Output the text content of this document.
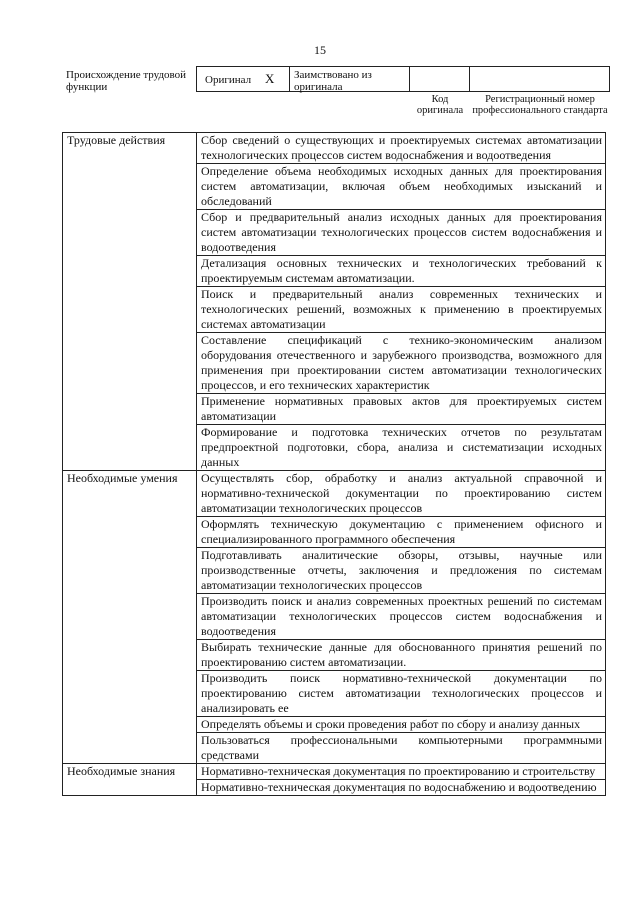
15
Происхождение трудовой функции
Оригинал X Заимствовано из оригинала
Код оригинала
Регистрационный номер профессионального стандарта
Трудовые действия	Сбор сведений о существующих и проектируемых системах автоматизации технологических процессов систем водоснабжения и водоотведения
	Определение объема необходимых исходных данных для проектирования систем автоматизации, включая объем необходимых изысканий и обследований
	Сбор и предварительный анализ исходных данных для проектирования систем автоматизации технологических процессов систем водоснабжения и водоотведения
	Детализация основных технических и технологических требований к проектируемым системам автоматизации.
	Поиск и предварительный анализ современных технических и технологических решений, возможных к применению в проектируемых системах автоматизации
	Составление спецификаций с технико-экономическим анализом оборудования отечественного и зарубежного производства, возможного для применения при проектировании систем автоматизации технологических процессов, и его технических характеристик
	Применение нормативных правовых актов для проектируемых систем автоматизации
	Формирование и подготовка технических отчетов по результатам предпроектной подготовки, сбора, анализа и систематизации исходных данных
Необходимые умения	Осуществлять сбор, обработку и анализ актуальной справочной и нормативно-технической документации по проектированию систем автоматизации технологических процессов
	Оформлять техническую документацию с применением офисного и специализированного программного обеспечения
	Подготавливать аналитические обзоры, отзывы, научные или производственные отчеты, заключения и предложения по системам автоматизации технологических процессов
	Производить поиск и анализ современных проектных решений по системам автоматизации технологических процессов систем водоснабжения и водоотведения
	Выбирать технические данные для обоснованного принятия решений по проектированию систем автоматизации.
	Производить поиск нормативно-технической документации по проектированию систем автоматизации технологических процессов и анализировать ее
	Определять объемы и сроки проведения работ по сбору и анализу данных
	Пользоваться профессиональными компьютерными программными средствами
Необходимые знания	Нормативно-техническая документация по проектированию и строительству
	Нормативно-техническая документация по водоснабжению и водоотведению
